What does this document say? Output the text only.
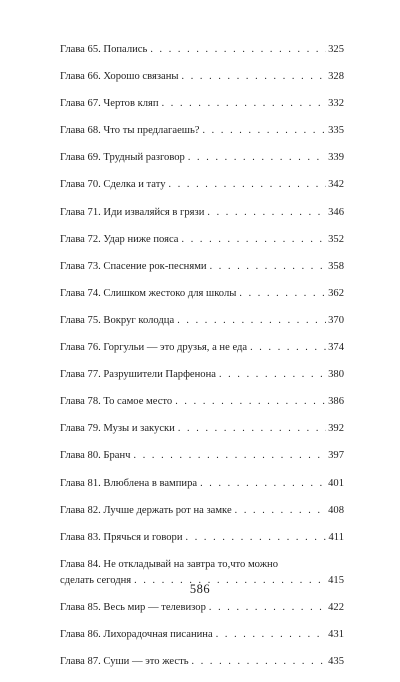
Глава 65. Попались . . .	325
Глава 66. Хорошо связаны . . .	328
Глава 67. Чертов кляп . . .	332
Глава 68. Что ты предлагаешь? . . .	335
Глава 69. Трудный разговор . . .	339
Глава 70. Сделка и тату . . .	342
Глава 71. Иди изваляйся в грязи . . .	346
Глава 72. Удар ниже пояса . . .	352
Глава 73. Спасение рок-песнями . . .	358
Глава 74. Слишком жестоко для школы . . .	362
Глава 75. Вокруг колодца . . .	370
Глава 76. Горгульи — это друзья, а не еда . . .	374
Глава 77. Разрушители Парфенона . . .	380
Глава 78. То самое место . . .	386
Глава 79. Музы и закуски . . .	392
Глава 80. Бранч . . .	397
Глава 81. Влюблена в вампира . . .	401
Глава 82. Лучше держать рот на замке . . .	408
Глава 83. Прячься и говори . . .	411
Глава 84. Не откладывай на завтра то,что можно
сделать сегодня . . .	415
Глава 85. Весь мир — телевизор . . .	422
Глава 86. Лихорадочная писанина . . .	431
Глава 87. Суши — это жесть . . .	435
586
